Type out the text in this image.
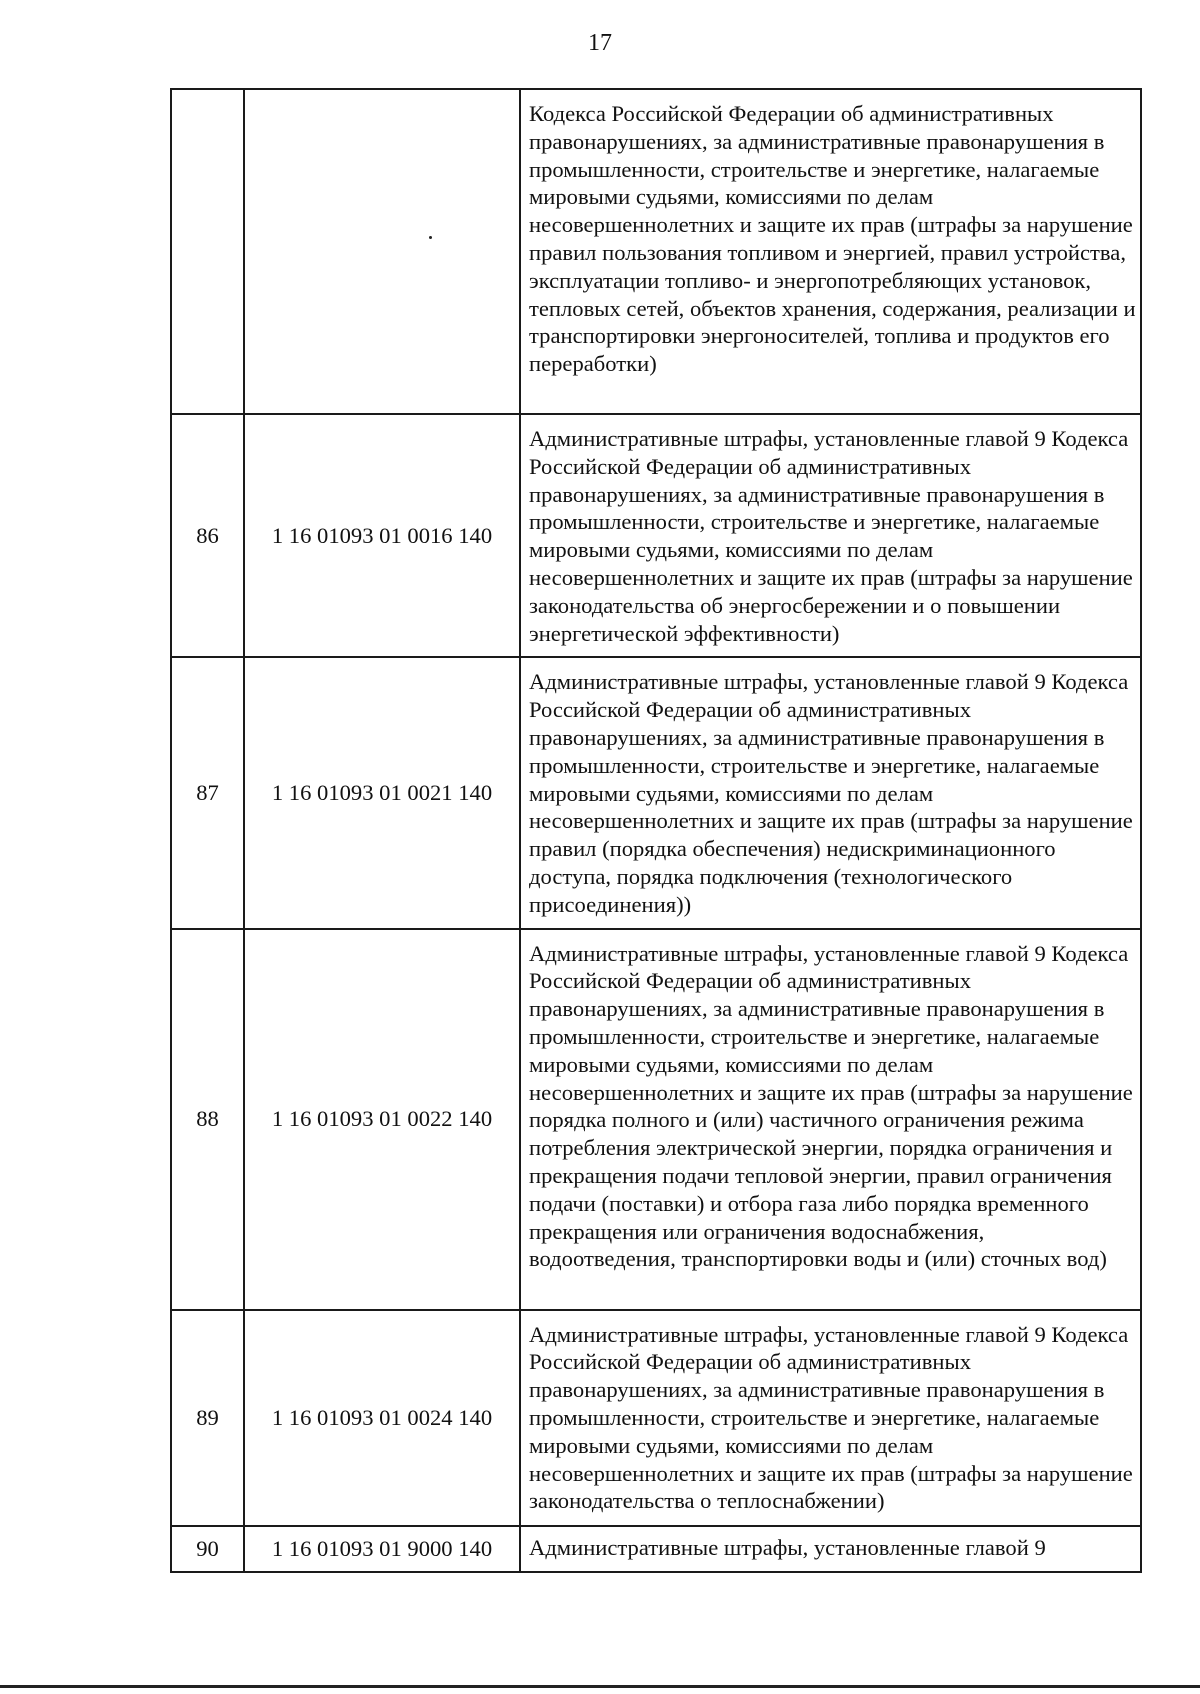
17
		Кодекса Российской Федерации об административных правонарушениях, за административные правонарушения в промышленности, строительстве и энергетике, налагаемые мировыми судьями, комиссиями по делам несовершеннолетних и защите их прав (штрафы за нарушение правил пользования топливом и энергией, правил устройства, эксплуатации топливо- и энергопотребляющих установок, тепловых сетей, объектов хранения, содержания, реализации и транспортировки энергоносителей, топлива и продуктов его переработки)
86	1 16 01093 01 0016 140	Административные штрафы, установленные главой 9 Кодекса Российской Федерации об административных правонарушениях, за административные правонарушения в промышленности, строительстве и энергетике, налагаемые мировыми судьями, комиссиями по делам несовершеннолетних и защите их прав (штрафы за нарушение законодательства об энергосбережении и о повышении энергетической эффективности)
87	1 16 01093 01 0021 140	Административные штрафы, установленные главой 9 Кодекса Российской Федерации об административных правонарушениях, за административные правонарушения в промышленности, строительстве и энергетике, налагаемые мировыми судьями, комиссиями по делам несовершеннолетних и защите их прав (штрафы за нарушение правил (порядка обеспечения) недискриминационного доступа, порядка подключения (технологического присоединения))
88	1 16 01093 01 0022 140	Административные штрафы, установленные главой 9 Кодекса Российской Федерации об административных правонарушениях, за административные правонарушения в промышленности, строительстве и энергетике, налагаемые мировыми судьями, комиссиями по делам несовершеннолетних и защите их прав (штрафы за нарушение порядка полного и (или) частичного ограничения режима потребления электрической энергии, порядка ограничения и прекращения подачи тепловой энергии, правил ограничения подачи (поставки) и отбора газа либо порядка временного прекращения или ограничения водоснабжения, водоотведения, транспортировки воды и (или) сточных вод)
89	1 16 01093 01 0024 140	Административные штрафы, установленные главой 9 Кодекса Российской Федерации об административных правонарушениях, за административные правонарушения в промышленности, строительстве и энергетике, налагаемые мировыми судьями, комиссиями по делам несовершеннолетних и защите их прав (штрафы за нарушение законодательства о теплоснабжении)
90	1 16 01093 01 9000 140	Административные штрафы, установленные главой 9
